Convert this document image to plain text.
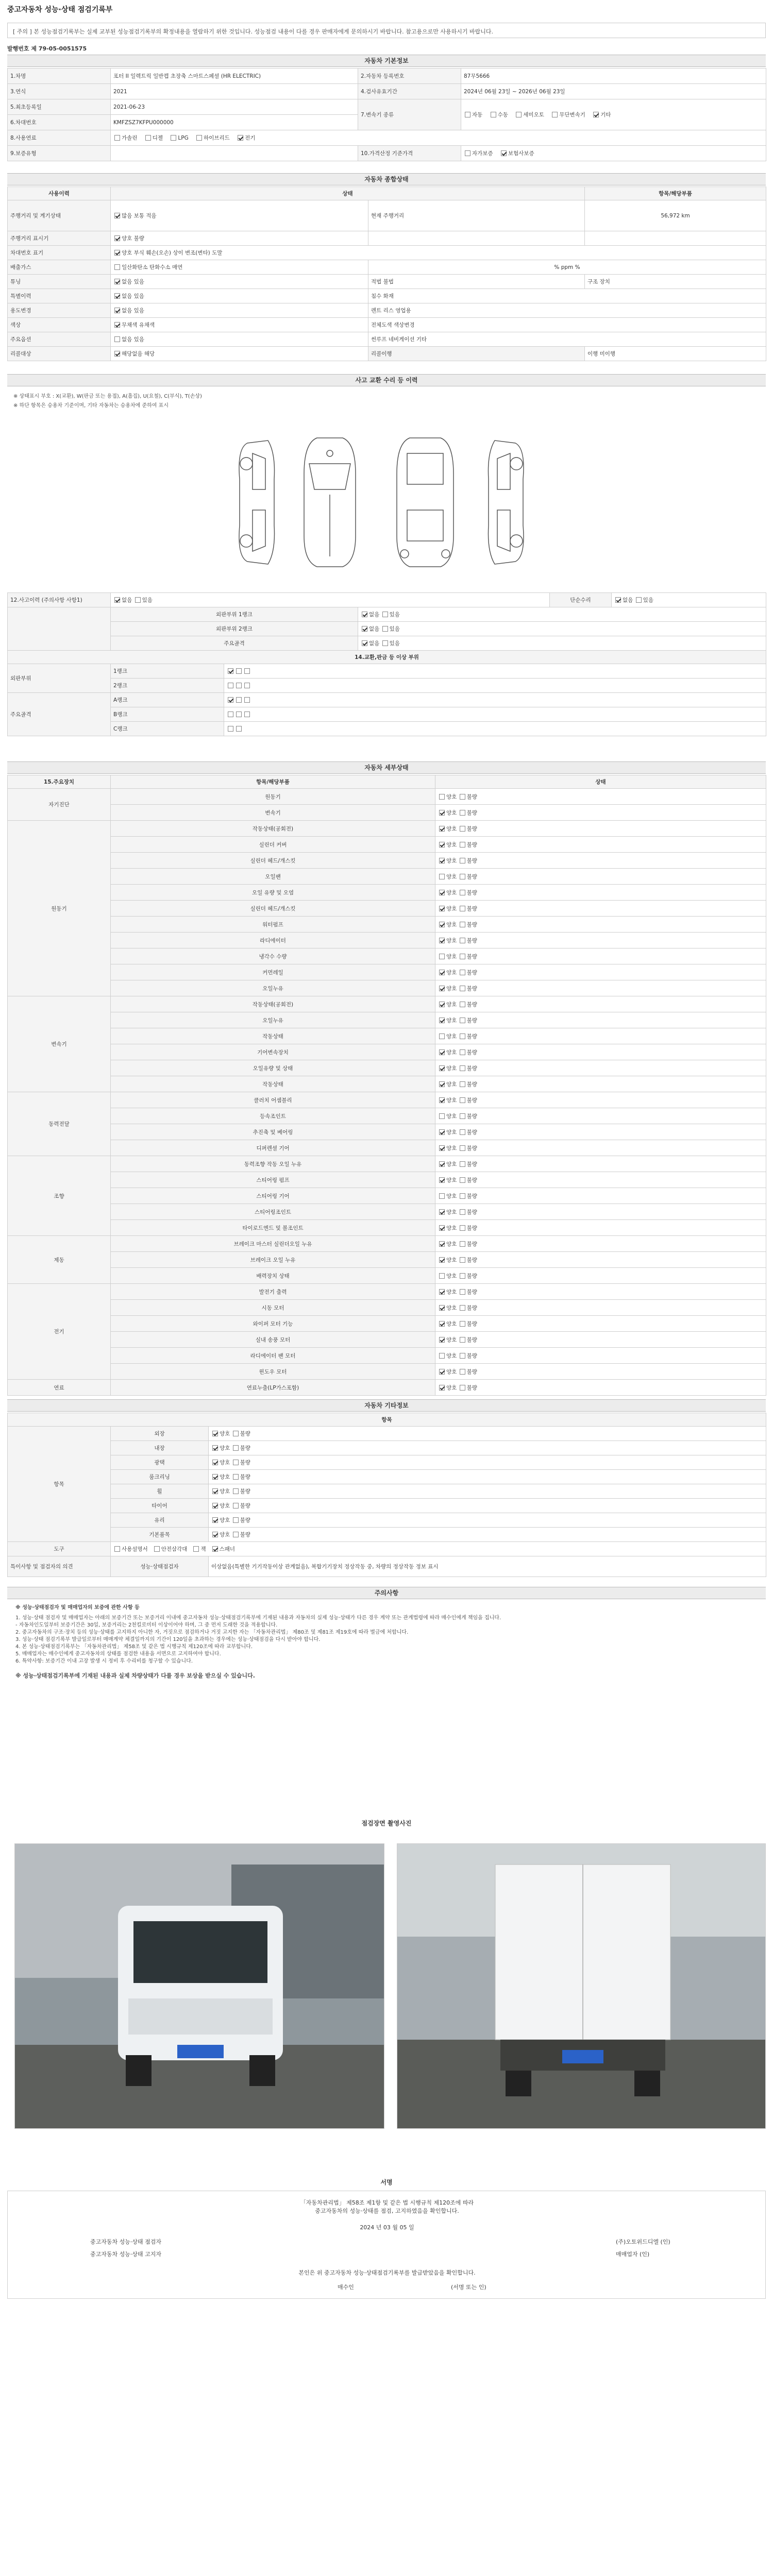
중고자동차 성능·상태 점검기록부
[ 주의 ] 본 성능점검기록부는 실제 교부된 성능점검기록부의 확정내용을 열람하기 위한 것입니다. 성능점검 내용이 다를 경우 판매자에게 문의하시기 바랍니다. 참고용으로만 사용하시기 바랍니다.
발행번호 제 79-05-0051575
자동차 기본정보
1.차명	포터 II 일렉트릭 일반캡 초장축 스마트스페셜 (HR ELECTRIC)	2.자동차 등록번호	87무5666
3.연식	2021	4.검사유효기간	2024년 06월 23일 ~ 2026년 06월 23일
5.최초등록일	2021-06-23	7.변속기 종류	자동 수동 세미오토 무단변속기 기타
6.차대번호	KMFZSZ7KFPU000000		
8.사용연료	가솔린 디젤 LPG 하이브리드 전기		
9.보증유형		10.가격산정 기준가격	자가보증 보험사보증
자동차 종합상태
사용이력	상태		항목/해당부품
주행거리 및 계기상태	많음 보통 적음	현재 주행거리	56,972 km
주행거리 표시기	양호 불량		
차대번호 표기	양호 부식 훼손(오손) 상이 변조(변타) 도말		
배출가스	일산화탄소 탄화수소 매연	% ppm %	
튜닝	없음 있음	적법 불법	구조 장치
특별이력	없음 있음	침수 화재	
용도변경	없음 있음	렌트 리스 영업용	
색상	무채색 유채색	전체도색 색상변경	
주요옵션	없음 있음	썬루프 네비게이션 기타	
리콜대상	해당없음 해당	리콜이행	이행 미이행
사고 교환 수리 등 이력
※ 상태표시 부호 : X(교환), W(판금 또는 용접), A(흠집), U(요철), C(부식), T(손상)
※ 하단 항목은 승용차 기준이며, 기타 자동차는 승용차에 준하여 표시
12.사고이력 (주의사항 사항1)	없음 있음			단순수리	없음 있음
	외판부위 1랭크		없음 있음		
	외판부위 2랭크		없음 있음		
	주요골격		없음 있음		
14.교환,판금 등 이상 부위					
외판부위	1랭크				
	2랭크				
주요골격	A랭크				
	B랭크				
	C랭크				
자동차 세부상태
15.주요장치	항목/해당부품	상태
자기진단	원동기	양호 불량
	변속기	양호 불량
원동기	작동상태(공회전)	양호 불량
	실린더 커버	양호 불량
	실린더 헤드/개스킷	양호 불량
	오일팬	양호 불량
	오일 유량 및 오염	양호 불량
	실린더 헤드/개스킷	양호 불량
	워터펌프	양호 불량
	라디에이터	양호 불량
	냉각수 수량	양호 불량
	커먼레일	양호 불량
	오일누유	양호 불량
변속기	작동상태(공회전)	양호 불량
	오일누유	양호 불량
	작동상태	양호 불량
	기어변속장치	양호 불량
	오일유량 및 상태	양호 불량
	작동상태	양호 불량
동력전달	클러치 어셈블리	양호 불량
	등속조인트	양호 불량
	추진축 및 베어링	양호 불량
	디퍼렌셜 기어	양호 불량
조향	동력조향 작동 오일 누유	양호 불량
	스티어링 펌프	양호 불량
	스티어링 기어	양호 불량
	스티어링조인트	양호 불량
	타이로드엔드 및 볼조인트	양호 불량
제동	브레이크 마스터 실린더오일 누유	양호 불량
	브레이크 오일 누유	양호 불량
	배력장치 상태	양호 불량
전기	발전기 출력	양호 불량
	시동 모터	양호 불량
	와이퍼 모터 기능	양호 불량
	실내 송풍 모터	양호 불량
	라디에이터 팬 모터	양호 불량
	윈도우 모터	양호 불량
연료	연료누출(LP가스포함)	양호 불량
자동차 기타정보
항목		
항목	외장	양호 불량
	내장	양호 불량
	광택	양호 불량
	룸크리닝	양호 불량
	휠	양호 불량
	타이어	양호 불량
	유리	양호 불량
	기본품목	양호 불량
도구	사용설명서 안전삼각대 잭 스패너	
특이사항 및 점검자의 의견	성능·상태점검자	이상없음(특별한 기기작동이상 관계없음), 복합기기장치 정상작동 중, 차량의 정상작동 정보 표시
주의사항
※ 성능·상태점검자 및 매매업자의 보증에 관한 사항 등
1. 성능·상태 점검자 및 매매업자는 아래의 보증기간 또는 보증거리 이내에 중고자동차 성능·상태점검기록부에 기재된 내용과 자동차의 실제 성능·상태가 다른 경우 계약 또는 관계법령에 따라 매수인에게 책임을 집니다.
- 자동차인도일부터 보증기간은 30일, 보증거리는 2천킬로미터 이상이어야 하며, 그 중 먼저 도래한 것을 적용합니다.
2. 중고자동차의 구조·장치 등의 성능·상태를 고지하지 아니한 자, 거짓으로 점검하거나 거짓 고지한 자는 「자동차관리법」 제80조 및 제81조 제19호에 따라 벌금에 처합니다.
3. 성능·상태 점검기록부 발급일로부터 매매계약 체결일까지의 기간이 120일을 초과하는 경우에는 성능·상태점검을 다시 받아야 합니다.
4. 본 성능·상태점검기록부는 「자동차관리법」 제58조 및 같은 법 시행규칙 제120조에 따라 교부합니다.
5. 매매업자는 매수인에게 중고자동차의 상태를 점검한 내용을 서면으로 고지하여야 합니다.
6. 특약사항: 보증기간 이내 고장 발생 시 정비 후 수리비를 청구할 수 있습니다.
※ 성능·상태점검기록부에 기재된 내용과 실제 차량상태가 다를 경우 보상을 받으실 수 있습니다.
점검장면 촬영사진
서명
「자동차관리법」 제58조 제1항 및 같은 법 시행규칙 제120조에 따라
중고자동차의 성능·상태를 점검, 고지하였음을 확인합니다.
2024 년 03 월 05 일
중고자동차 성능·상태 점검자	(주)오토위드디엘 (인)
중고자동차 성능·상태 고지자	매매업자 (인)
본인은 위 중고자동차 성능·상태점검기록부를 발급받았음을 확인합니다.
매수인	(서명 또는 인)
